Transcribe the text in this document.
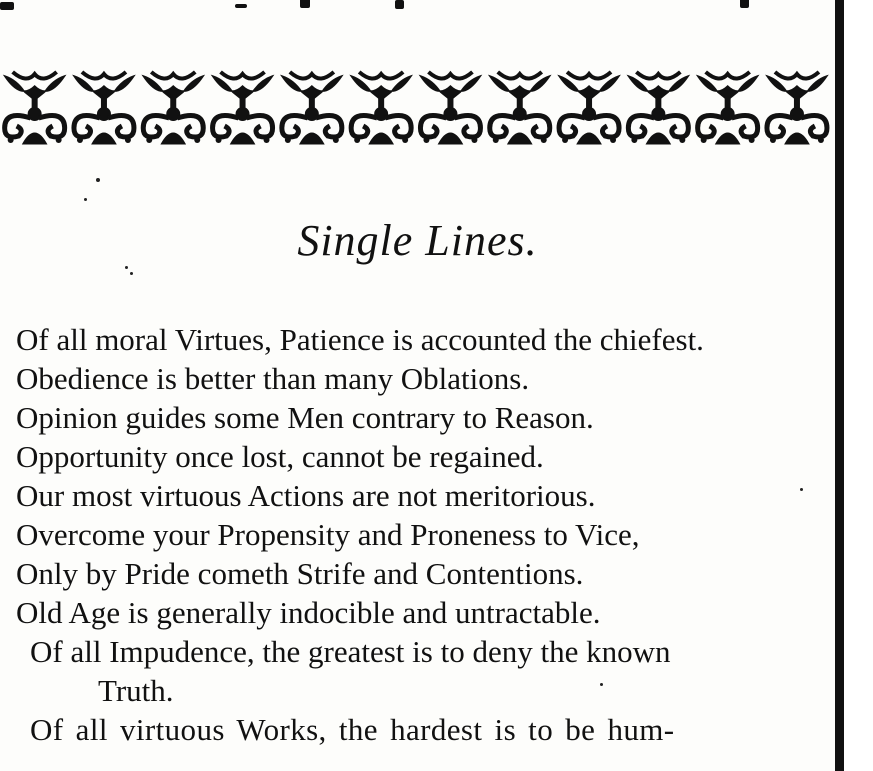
Single Lines.
Of all moral Virtues, Patience is accounted the chiefest.
Obedience is better than many Oblations.
Opinion guides some Men contrary to Reason.
Opportunity once lost, cannot be regained.
Our most virtuous Actions are not meritorious.
Overcome your Propensity and Proneness to Vice,
Only by Pride cometh Strife and Contentions.
Old Age is generally indocible and untractable.
Of all Impudence, the greatest is to deny the known
Truth.
Of all virtuous Works, the hardest is to be hum-
